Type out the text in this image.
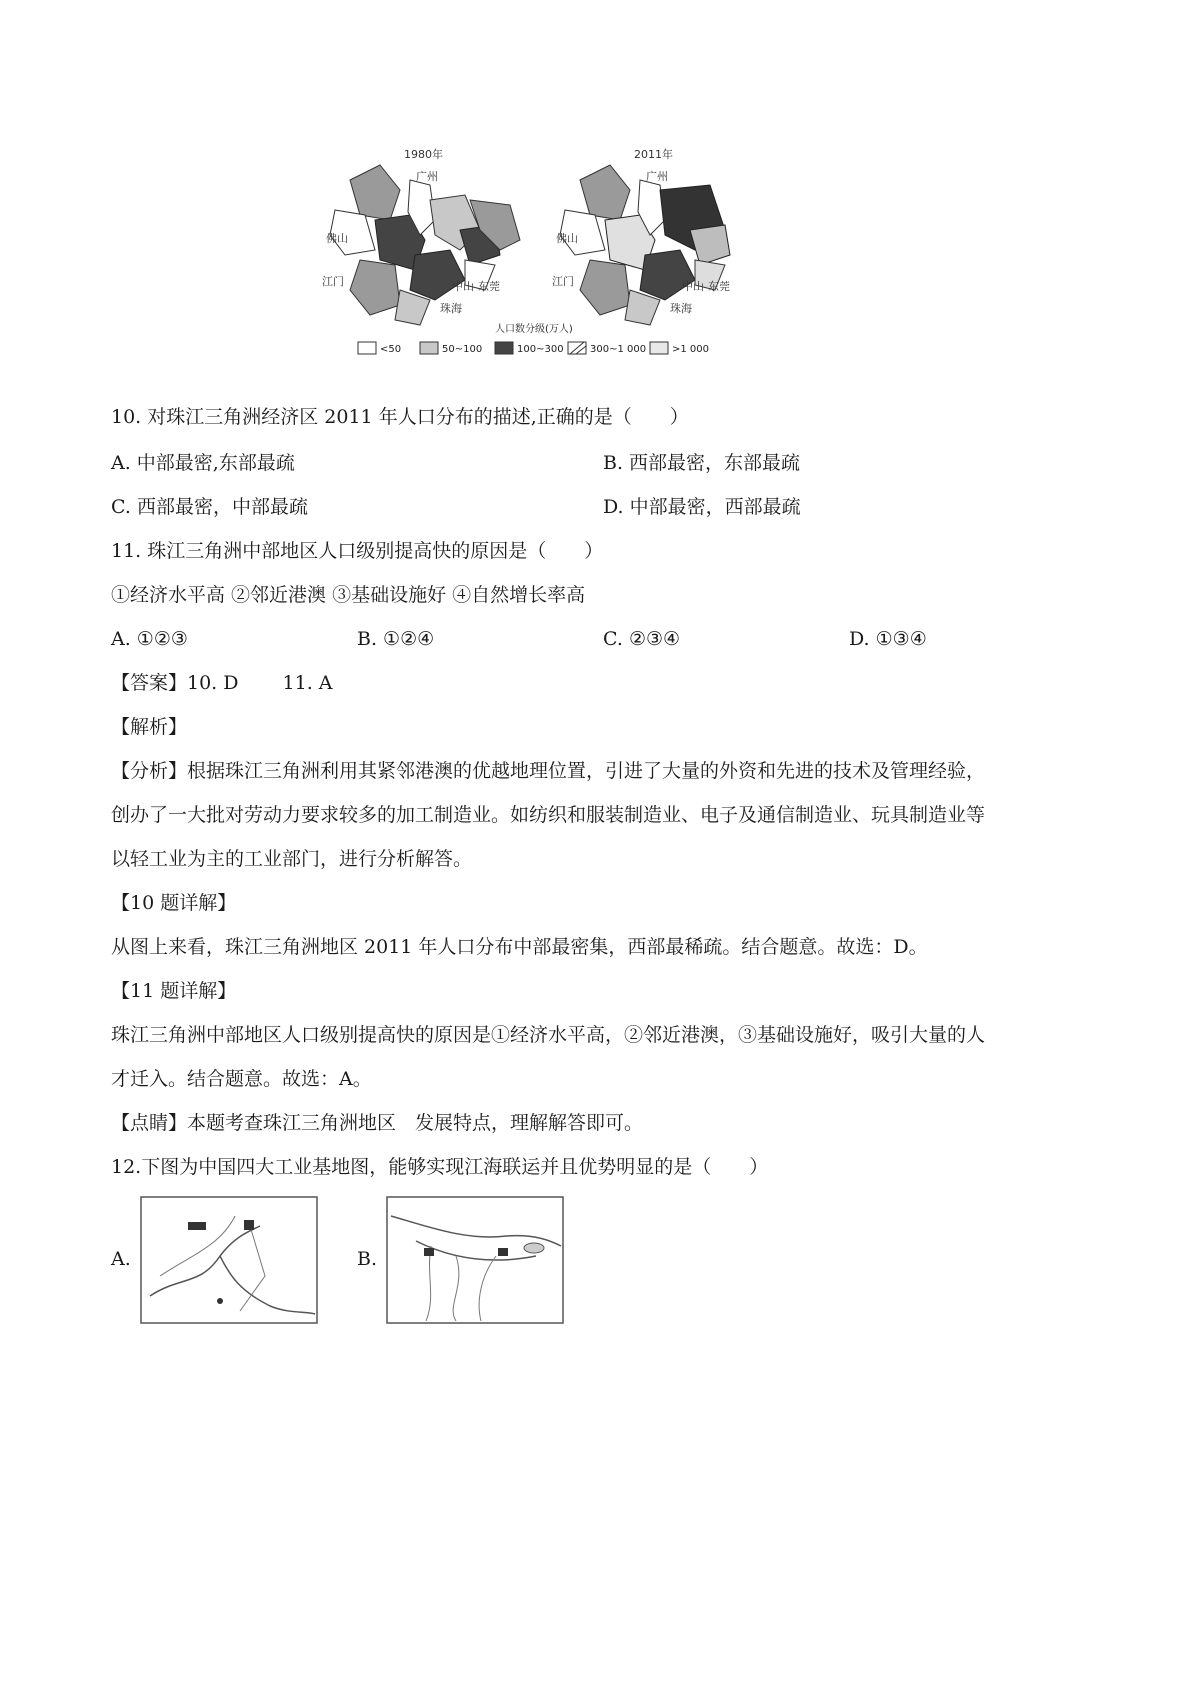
1980年
广州
佛山
江门	中山 东莞
珠海
2011年
广州
佛山
江门	中山 东莞
珠海
人口数分级(万人)
<50	50~100	100~300	300~1 000	>1 000
10. 对珠江三角洲经济区 2011 年人口分布的描述,正确的是（　　）
A. 中部最密,东部最疏	B. 西部最密，东部最疏
C. 西部最密，中部最疏	D. 中部最密，西部最疏
11. 珠江三角洲中部地区人口级别提高快的原因是（　　）
①经济水平高 ②邻近港澳 ③基础设施好 ④自然增长率高
A. ①②③	B. ①②④	C. ②③④	D. ①③④
【答案】10. D　　 11. A
【解析】
【分析】根据珠江三角洲利用其紧邻港澳的优越地理位置，引进了大量的外资和先进的技术及管理经验，
创办了一大批对劳动力要求较多的加工制造业。如纺织和服装制造业、电子及通信制造业、玩具制造业等
以轻工业为主的工业部门，进行分析解答。
【10 题详解】
从图上来看，珠江三角洲地区 2011 年人口分布中部最密集，西部最稀疏。结合题意。故选：D。
【11 题详解】
珠江三角洲中部地区人口级别提高快的原因是①经济水平高，②邻近港澳，③基础设施好，吸引大量的人
才迁入。结合题意。故选：A。
【点睛】本题考查珠江三角洲地区　发展特点，理解解答即可。
12.下图为中国四大工业基地图，能够实现江海联运并且优势明显的是（　　）
A.	B.
